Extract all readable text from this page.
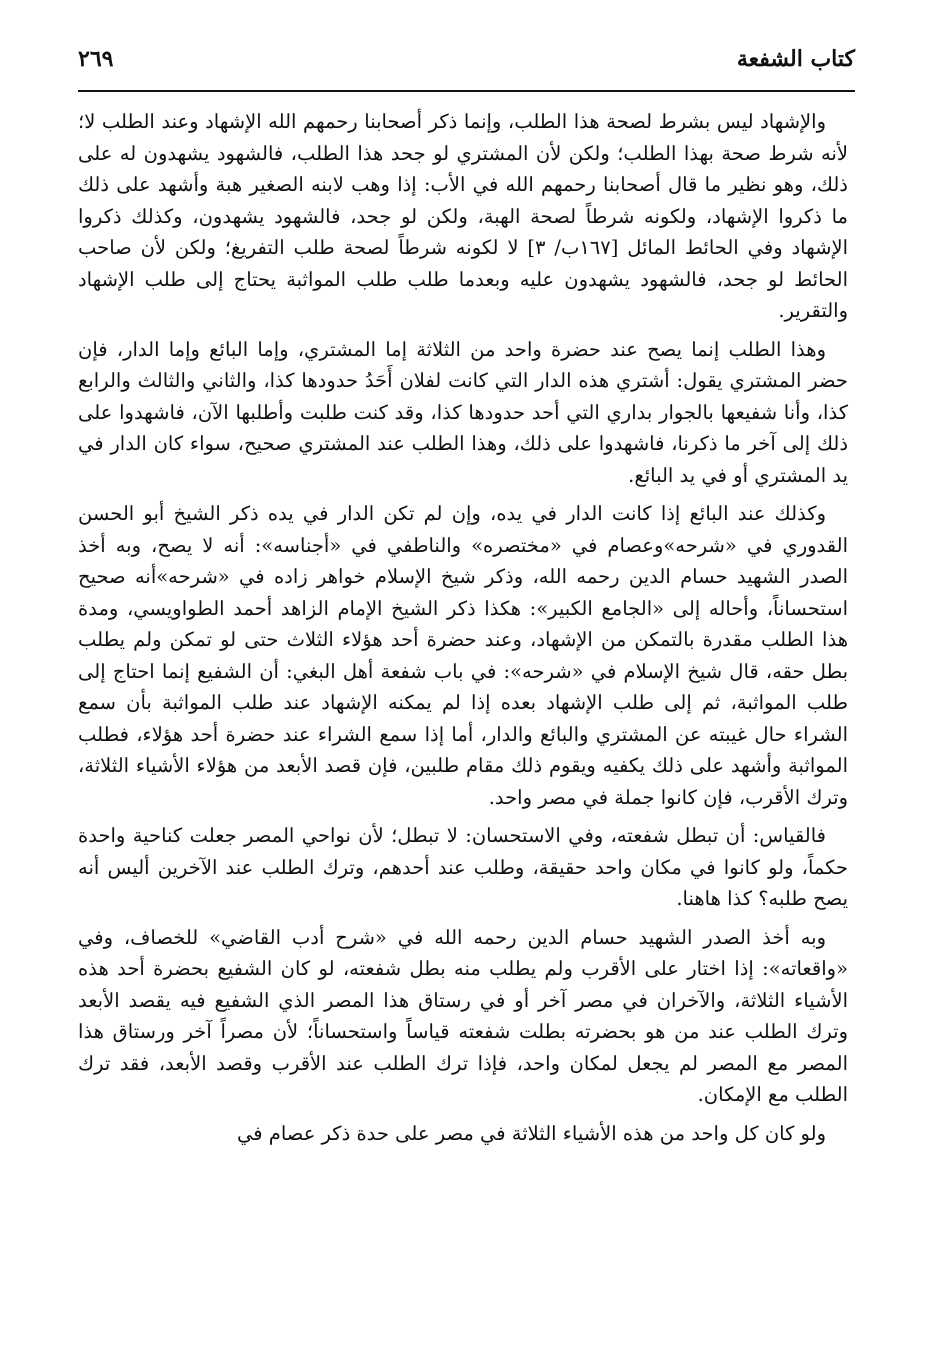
كتاب الشفعة
٢٦٩

والإشهاد ليس بشرط لصحة هذا الطلب، وإنما ذكر أصحابنا رحمهم الله الإشهاد وعند الطلب لا؛ لأنه شرط صحة بهذا الطلب؛ ولكن لأن المشتري لو جحد هذا الطلب، فالشهود يشهدون له على ذلك، وهو نظير ما قال أصحابنا رحمهم الله في الأب: إذا وهب لابنه الصغير هبة وأشهد على ذلك ما ذكروا الإشهاد، ولكونه شرطاً لصحة الهبة، ولكن لو جحد، فالشهود يشهدون، وكذلك ذكروا الإشهاد وفي الحائط المائل [١٦٧ب/ ٣] لا لكونه شرطاً لصحة طلب التفريغ؛ ولكن لأن صاحب الحائط لو جحد، فالشهود يشهدون عليه وبعدما طلب طلب المواثبة يحتاج إلى طلب الإشهاد والتقرير.

وهذا الطلب إنما يصح عند حضرة واحد من الثلاثة إما المشتري، وإما البائع وإما الدار، فإن حضر المشتري يقول: أشتري هذه الدار التي كانت لفلان أَحَدُ حدودها كذا، والثاني والثالث والرابع كذا، وأنا شفيعها بالجوار بداري التي أحد حدودها كذا، وقد كنت طلبت وأطلبها الآن، فاشهدوا على ذلك إلى آخر ما ذكرنا، فاشهدوا على ذلك، وهذا الطلب عند المشتري صحيح، سواء كان الدار في يد المشتري أو في يد البائع.

وكذلك عند البائع إذا كانت الدار في يده، وإن لم تكن الدار في يده ذكر الشيخ أبو الحسن القدوري في «شرحه»وعصام في «مختصره» والناطفي في «أجناسه»: أنه لا يصح، وبه أخذ الصدر الشهيد حسام الدين رحمه الله، وذكر شيخ الإسلام خواهر زاده في «شرحه»أنه صحيح استحساناً، وأحاله إلى «الجامع الكبير»: هكذا ذكر الشيخ الإمام الزاهد أحمد الطواويسي، ومدة هذا الطلب مقدرة بالتمكن من الإشهاد، وعند حضرة أحد هؤلاء الثلاث حتى لو تمكن ولم يطلب بطل حقه، قال شيخ الإسلام في «شرحه»: في باب شفعة أهل البغي: أن الشفيع إنما احتاج إلى طلب المواثبة، ثم إلى طلب الإشهاد بعده إذا لم يمكنه الإشهاد عند طلب المواثبة بأن سمع الشراء حال غيبته عن المشتري والبائع والدار، أما إذا سمع الشراء عند حضرة أحد هؤلاء، فطلب المواثبة وأشهد على ذلك يكفيه ويقوم ذلك مقام طلبين، فإن قصد الأبعد من هؤلاء الأشياء الثلاثة، وترك الأقرب، فإن كانوا جملة في مصر واحد.

فالقياس: أن تبطل شفعته، وفي الاستحسان: لا تبطل؛ لأن نواحي المصر جعلت كناحية واحدة حكماً، ولو كانوا في مكان واحد حقيقة، وطلب عند أحدهم، وترك الطلب عند الآخرين أليس أنه يصح طلبه؟ كذا هاهنا.

وبه أخذ الصدر الشهيد حسام الدين رحمه الله في «شرح أدب القاضي» للخصاف، وفي «واقعاته»: إذا اختار على الأقرب ولم يطلب منه بطل شفعته، لو كان الشفيع بحضرة أحد هذه الأشياء الثلاثة، والآخران في مصر آخر أو في رستاق هذا المصر الذي الشفيع فيه يقصد الأبعد وترك الطلب عند من هو بحضرته بطلت شفعته قياساً واستحساناً؛ لأن مصراً آخر ورستاق هذا المصر مع المصر لم يجعل لمكان واحد، فإذا ترك الطلب عند الأقرب وقصد الأبعد، فقد ترك الطلب مع الإمكان.

ولو كان كل واحد من هذه الأشياء الثلاثة في مصر على حدة ذكر عصام في
